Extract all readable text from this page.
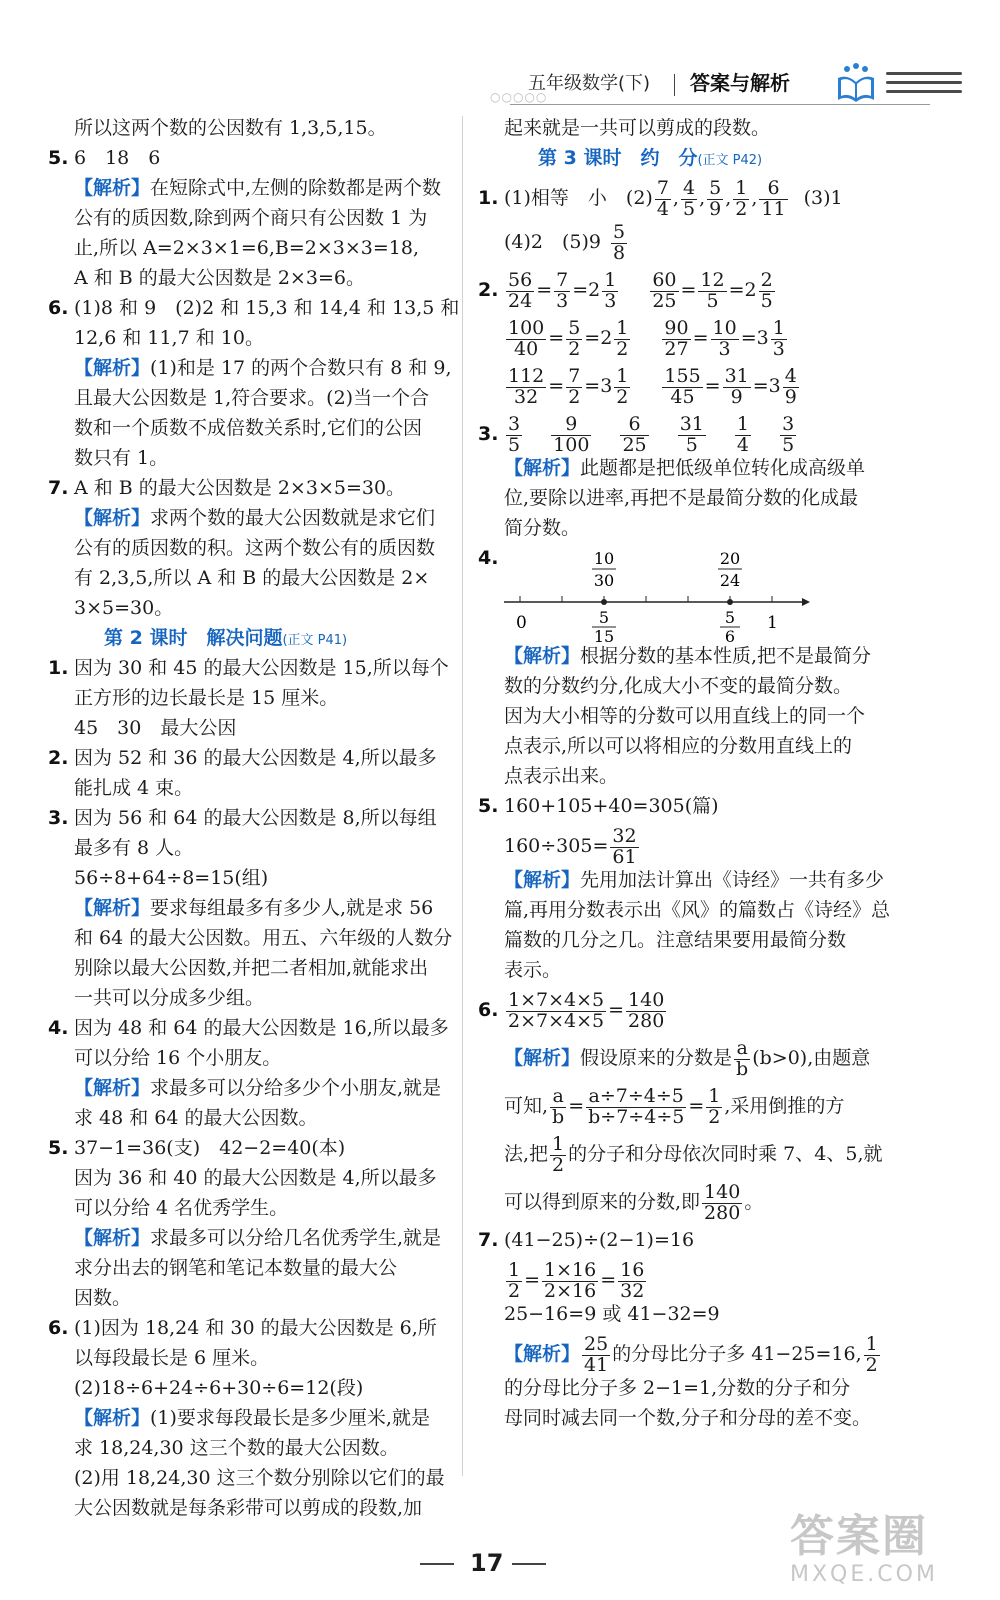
○○○○○
五年级数学(下) 答案与解析
所以这两个数的公因数有 1,3,5,15。
5. 6　18　6
【解析】在短除式中,左侧的除数都是两个数
公有的质因数,除到两个商只有公因数 1 为
止,所以 A=2×3×1=6,B=2×3×3=18,
A 和 B 的最大公因数是 2×3=6。
6. (1)8 和 9　(2)2 和 15,3 和 14,4 和 13,5 和
12,6 和 11,7 和 10。
【解析】(1)和是 17 的两个合数只有 8 和 9,
且最大公因数是 1,符合要求。(2)当一个合
数和一个质数不成倍数关系时,它们的公因
数只有 1。
7. A 和 B 的最大公因数是 2×3×5=30。
【解析】求两个数的最大公因数就是求它们
公有的质因数的积。这两个数公有的质因数
有 2,3,5,所以 A 和 B 的最大公因数是 2×
3×5=30。
第 2 课时　解决问题(正文 P41)
1. 因为 30 和 45 的最大公因数是 15,所以每个
正方形的边长最长是 15 厘米。
45　30　最大公因
2. 因为 52 和 36 的最大公因数是 4,所以最多
能扎成 4 束。
3. 因为 56 和 64 的最大公因数是 8,所以每组
最多有 8 人。
56÷8+64÷8=15(组)
【解析】要求每组最多有多少人,就是求 56
和 64 的最大公因数。用五、六年级的人数分
别除以最大公因数,并把二者相加,就能求出
一共可以分成多少组。
4. 因为 48 和 64 的最大公因数是 16,所以最多
可以分给 16 个小朋友。
【解析】求最多可以分给多少个小朋友,就是
求 48 和 64 的最大公因数。
5. 37−1=36(支)　42−2=40(本)
因为 36 和 40 的最大公因数是 4,所以最多
可以分给 4 名优秀学生。
【解析】求最多可以分给几名优秀学生,就是
求分出去的钢笔和笔记本数量的最大公
因数。
6. (1)因为 18,24 和 30 的最大公因数是 6,所
以每段最长是 6 厘米。
(2)18÷6+24÷6+30÷6=12(段)
【解析】(1)要求每段最长是多少厘米,就是
求 18,24,30 这三个数的最大公因数。
(2)用 18,24,30 这三个数分别除以它们的最
大公因数就是每条彩带可以剪成的段数,加
起来就是一共可以剪成的段数。
第 3 课时　约　分(正文 P42)
1. (1)相等　小　$(2) \frac{7}{4}$ , $\frac{4}{5}$ , $\frac{5}{9}$ , $\frac{1}{2}$ , $\frac{6}{11} (3)1$
(4)2　$(5)9 \frac{5}{8}$
2. $\frac{56}{24} = \frac{7}{3} =2 \frac{1}{3} \frac{60}{25} = \frac{12}{5} =2 \frac{2}{5}$
$\frac{100}{40} = \frac{5}{2} =2 \frac{1}{2} \frac{90}{27} = \frac{10}{3} =3 \frac{1}{3}$
$\frac{112}{32} = \frac{7}{2} =3 \frac{1}{2} \frac{155}{45} = \frac{31}{9} =3 \frac{4}{9}$
3. $\frac{3}{5}$
　 $\frac{9}{100}$
　 $\frac{6}{25}$
　 $\frac{31}{5}$
　 $\frac{1}{4}$
　 $\frac{3}{5}$
【解析】此题都是把低级单位转化成高级单
位,要除以进率,再把不是最简分数的化成最
简分数。
4.
0	1
10
30
20
24
5
15
5
6
【解析】根据分数的基本性质,把不是最简分
数的分数约分,化成大小不变的最简分数。
因为大小相等的分数可以用直线上的同一个
点表示,所以可以将相应的分数用直线上的
点表示出来。
5. 160+105+40=305(篇)
$160\div 305= \frac{32}{61}$
【解析】先用加法计算出《诗经》一共有多少
篇,再用分数表示出《风》的篇数占《诗经》总
篇数的几分之几。注意结果要用最简分数
表示。
6. $\frac{1\times 7\times 4\times 5}{2\times 7\times 4\times 5} = \frac{140}{280}$
【解析】假设原来的分数是 $\frac{a}{b} (b>0)$,由题意
可知, $\frac{a}{b} = \frac{a\div 7\div 4\div 5}{b\div 7\div 4\div 5} = \frac{1}{2}$ ,采用倒推的方
法,把 $\frac{1}{2}$ 的分子和分母依次同时乘 7、4、5,就
可以得到原来的分数,即 $\frac{140}{280}$ 。
7. (41−25)÷(2−1)=16
$\frac{1}{2} = \frac{1\times 16}{2\times 16} = \frac{16}{32}$
25−16=9 或 41−32=9
【解析】 $\frac{25}{41}$ 的分母比分子多 41−25=16, $\frac{1}{2}$
的分母比分子多 2−1=1,分数的分子和分
母同时减去同一个数,分子和分母的差不变。
17
答案圈
MXQE.COM
